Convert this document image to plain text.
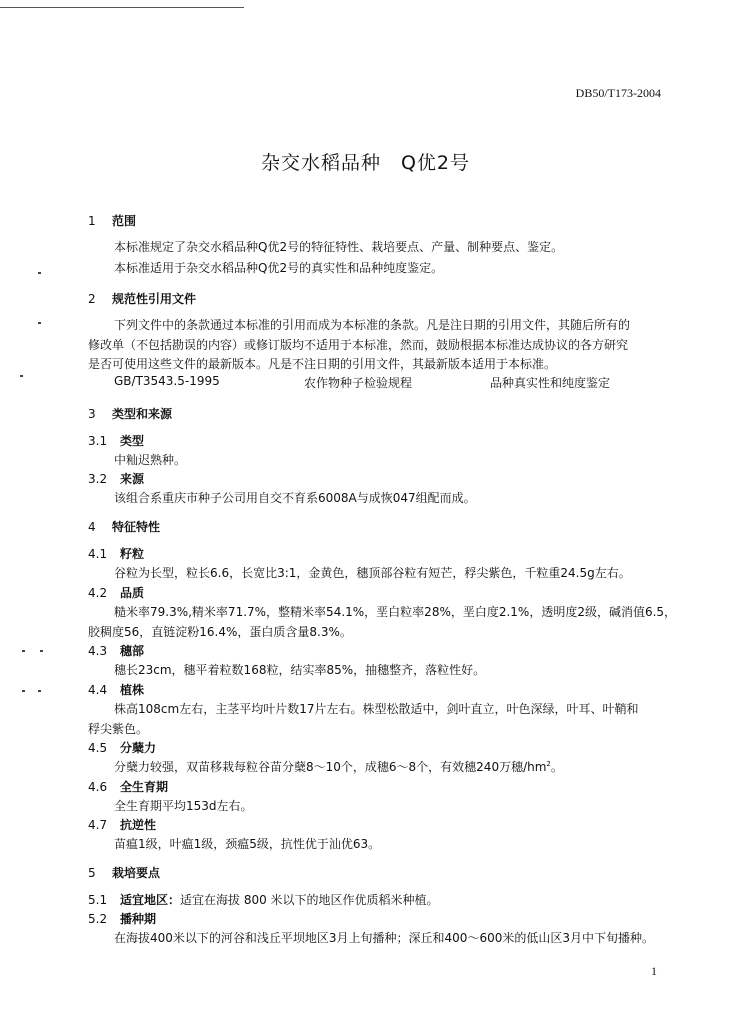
DB50/T173-2004
杂交水稻品种　Q优2号
1 范围
本标准规定了杂交水稻品种Q优2号的特征特性、栽培要点、产量、制种要点、鉴定。
本标准适用于杂交水稻品种Q优2号的真实性和品种纯度鉴定。
2 规范性引用文件
下列文件中的条款通过本标准的引用而成为本标准的条款。凡是注日期的引用文件，其随后所有的
修改单（不包括勘误的内容）或修订版均不适用于本标准，然而，鼓励根据本标准达成协议的各方研究
是否可使用这些文件的最新版本。凡是不注日期的引用文件，其最新版本适用于本标准。
GB/T3543.5-1995	农作物种子检验规程	品种真实性和纯度鉴定
3 类型和来源
3.1 类型
中籼迟熟种。
3.2 来源
该组合系重庆市种子公司用自交不育系6008A与成恢047组配而成。
4 特征特性
4.1 籽粒
谷粒为长型，粒长6.6，长宽比3:1，金黄色，穗顶部谷粒有短芒，稃尖紫色，千粒重24.5g左右。
4.2 品质
糙米率79.3%,精米率71.7%，整精米率54.1%，垩白粒率28%，垩白度2.1%，透明度2级，碱消值6.5，
胶稠度56，直链淀粉16.4%，蛋白质含量8.3%。
4.3 穗部
穗长23cm，穗平着粒数168粒，结实率85%，抽穗整齐，落粒性好。
4.4 植株
株高108cm左右，主茎平均叶片数17片左右。株型松散适中，剑叶直立，叶色深绿，叶耳、叶鞘和
稃尖紫色。
4.5 分蘖力
分蘖力较强，双苗移栽每粒谷苗分蘖8～10个，成穗6～8个，有效穗240万穗$/hm^2$。
4.6 全生育期
全生育期平均153d左右。
4.7 抗逆性
苗瘟1级，叶瘟1级，颈瘟5级，抗性优于汕优63。
5 栽培要点
5.1 适宜地区：适宜在海拔 800 米以下的地区作优质稻米种植。
5.2 播种期
在海拔400米以下的河谷和浅丘平坝地区3月上旬播种；深丘和400～600米的低山区3月中下旬播种。
1
